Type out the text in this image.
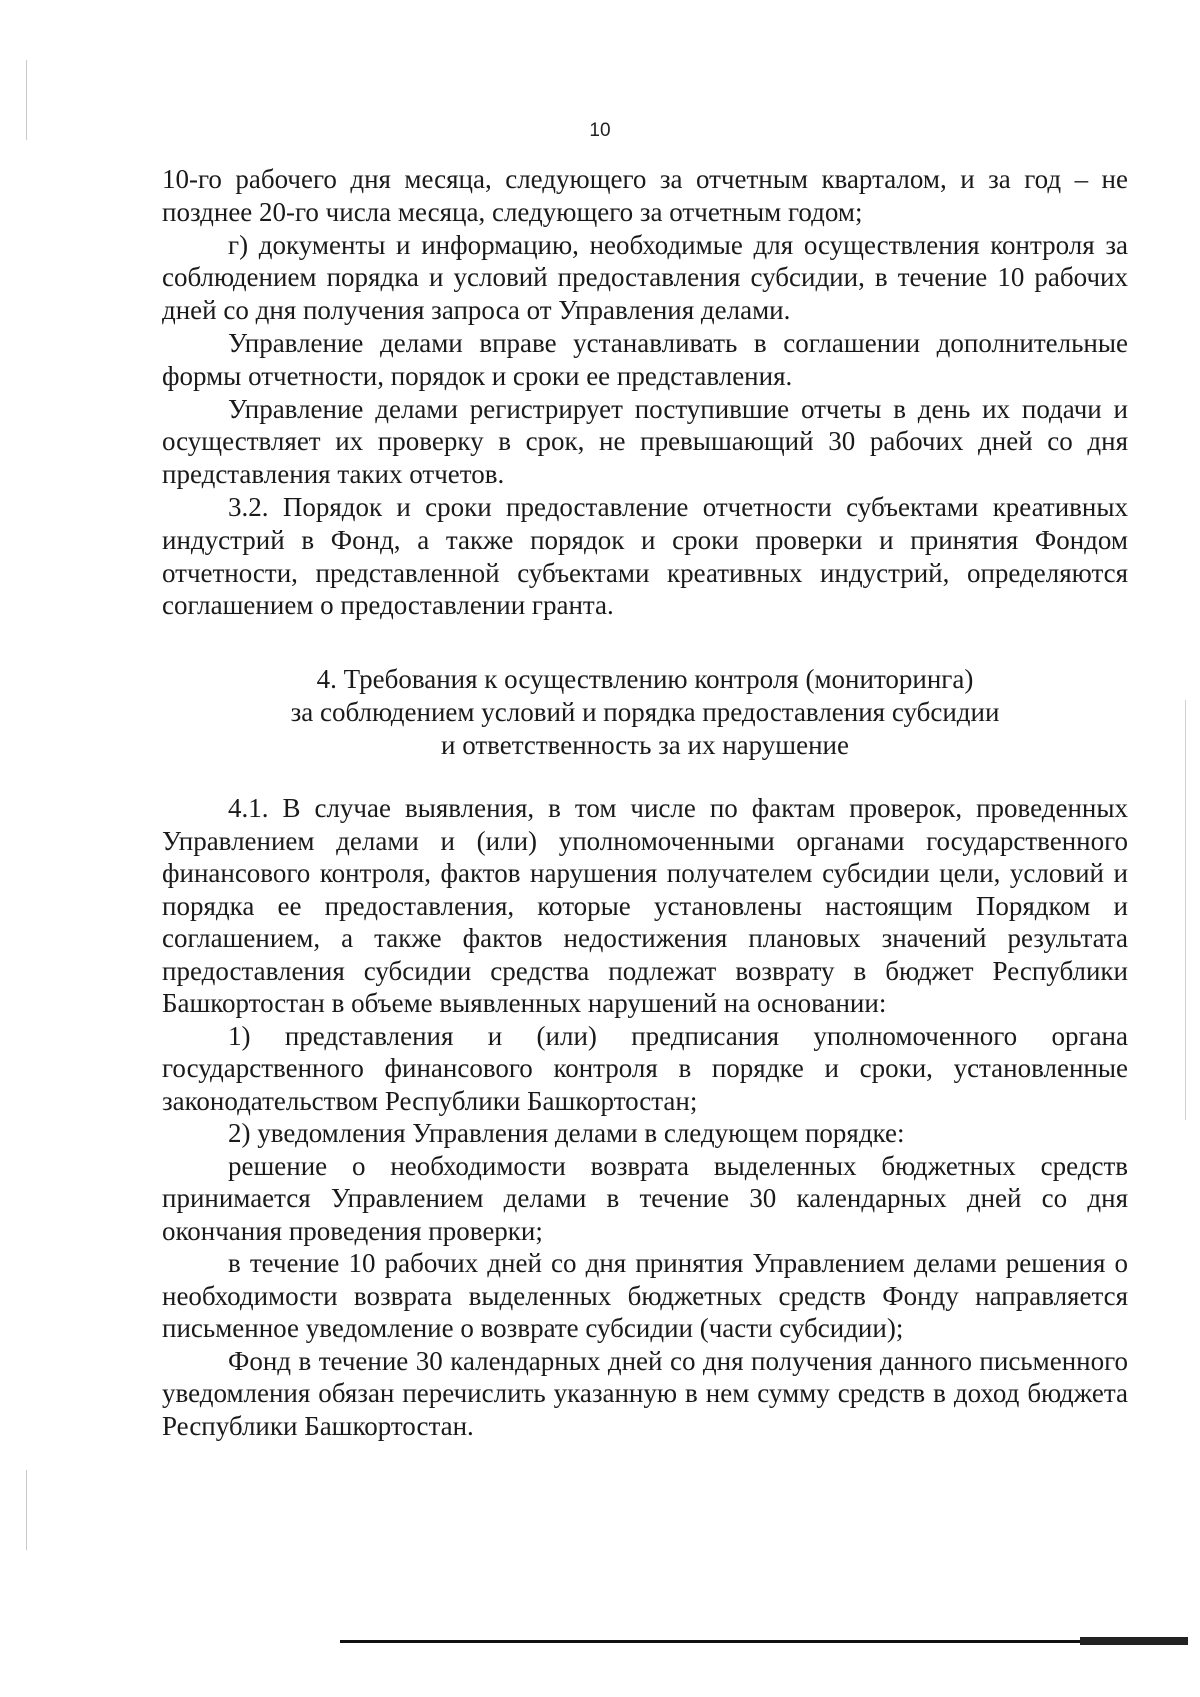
10

10-го рабочего дня месяца, следующего за отчетным кварталом, и за год – не позднее 20-го числа месяца, следующего за отчетным годом;

г) документы и информацию, необходимые для осуществления контроля за соблюдением порядка и условий предоставления субсидии, в течение 10 рабочих дней со дня получения запроса от Управления делами.

Управление делами вправе устанавливать в соглашении дополнительные формы отчетности, порядок и сроки ее представления.

Управление делами регистрирует поступившие отчеты в день их подачи и осуществляет их проверку в срок, не превышающий 30 рабочих дней со дня представления таких отчетов.

3.2. Порядок и сроки предоставление отчетности субъектами креативных индустрий в Фонд, а также порядок и сроки проверки и принятия Фондом отчетности, представленной субъектами креативных индустрий, определяются соглашением о предоставлении гранта.

4. Требования к осуществлению контроля (мониторинга)
за соблюдением условий и порядка предоставления субсидии
и ответственность за их нарушение

4.1. В случае выявления, в том числе по фактам проверок, проведенных Управлением делами и (или) уполномоченными органами государственного финансового контроля, фактов нарушения получателем субсидии цели, условий и порядка ее предоставления, которые установлены настоящим Порядком и соглашением, а также фактов недостижения плановых значений результата предоставления субсидии средства подлежат возврату в бюджет Республики Башкортостан в объеме выявленных нарушений на основании:

1) представления и (или) предписания уполномоченного органа государственного финансового контроля в порядке и сроки, установленные законодательством Республики Башкортостан;

2) уведомления Управления делами в следующем порядке:

решение о необходимости возврата выделенных бюджетных средств принимается Управлением делами в течение 30 календарных дней со дня окончания проведения проверки;

в течение 10 рабочих дней со дня принятия Управлением делами решения о необходимости возврата выделенных бюджетных средств Фонду направляется письменное уведомление о возврате субсидии (части субсидии);

Фонд в течение 30 календарных дней со дня получения данного письменного уведомления обязан перечислить указанную в нем сумму средств в доход бюджета Республики Башкортостан.
